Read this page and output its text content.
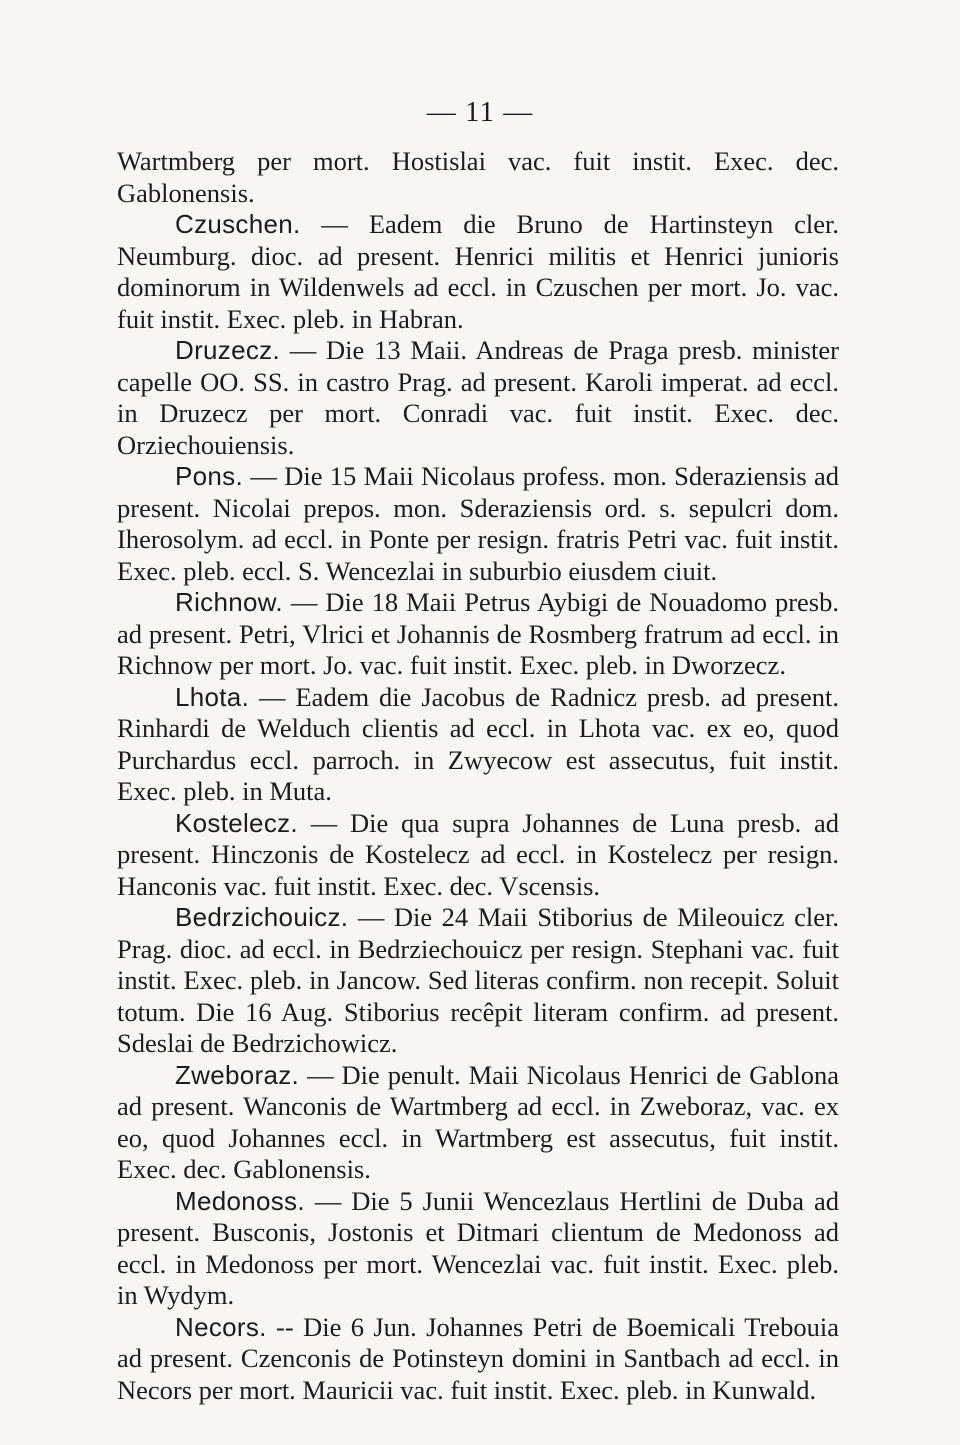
— 11 —

Wartmberg per mort. Hostislai vac. fuit instit. Exec. dec. Gablonensis.

Czuschen. — Eadem die Bruno de Hartinsteyn cler. Neumburg. dioc. ad present. Henrici militis et Henrici junioris dominorum in Wildenwels ad eccl. in Czuschen per mort. Jo. vac. fuit instit. Exec. pleb. in Habran.

Druzecz. — Die 13 Maii. Andreas de Praga presb. minister capelle OO. SS. in castro Prag. ad present. Karoli imperat. ad eccl. in Druzecz per mort. Conradi vac. fuit instit. Exec. dec. Orziechouiensis.

Pons. — Die 15 Maii Nicolaus profess. mon. Sderaziensis ad present. Nicolai prepos. mon. Sderaziensis ord. s. sepulcri dom. Iherosolym. ad eccl. in Ponte per resign. fratris Petri vac. fuit instit. Exec. pleb. eccl. S. Wencezlai in suburbio eiusdem ciuit.

Richnow. — Die 18 Maii Petrus Aybigi de Nouadomo presb. ad present. Petri, Vlrici et Johannis de Rosmberg fratrum ad eccl. in Richnow per mort. Jo. vac. fuit instit. Exec. pleb. in Dworzecz.

Lhota. — Eadem die Jacobus de Radnicz presb. ad present. Rinhardi de Welduch clientis ad eccl. in Lhota vac. ex eo, quod Purchardus eccl. parroch. in Zwyecow est assecutus, fuit instit. Exec. pleb. in Muta.

Kostelecz. — Die qua supra Johannes de Luna presb. ad present. Hinczonis de Kostelecz ad eccl. in Kostelecz per resign. Hanconis vac. fuit instit. Exec. dec. Vscensis.

Bedrzichouicz. — Die 24 Maii Stiborius de Mileouicz cler. Prag. dioc. ad eccl. in Bedrziechouicz per resign. Stephani vac. fuit instit. Exec. pleb. in Jancow. Sed literas confirm. non recepit. Soluit totum. Die 16 Aug. Stiborius recêpit literam confirm. ad present. Sdeslai de Bedrzichowicz.

Zweboraz. — Die penult. Maii Nicolaus Henrici de Gablona ad present. Wanconis de Wartmberg ad eccl. in Zweboraz, vac. ex eo, quod Johannes eccl. in Wartmberg est assecutus, fuit instit. Exec. dec. Gablonensis.

Medonoss. — Die 5 Junii Wencezlaus Hertlini de Duba ad present. Busconis, Jostonis et Ditmari clientum de Medonoss ad eccl. in Medonoss per mort. Wencezlai vac. fuit instit. Exec. pleb. in Wydym.

Necors. -- Die 6 Jun. Johannes Petri de Boemicali Trebouia ad present. Czenconis de Potinsteyn domini in Santbach ad eccl. in Necors per mort. Mauricii vac. fuit instit. Exec. pleb. in Kunwald.
